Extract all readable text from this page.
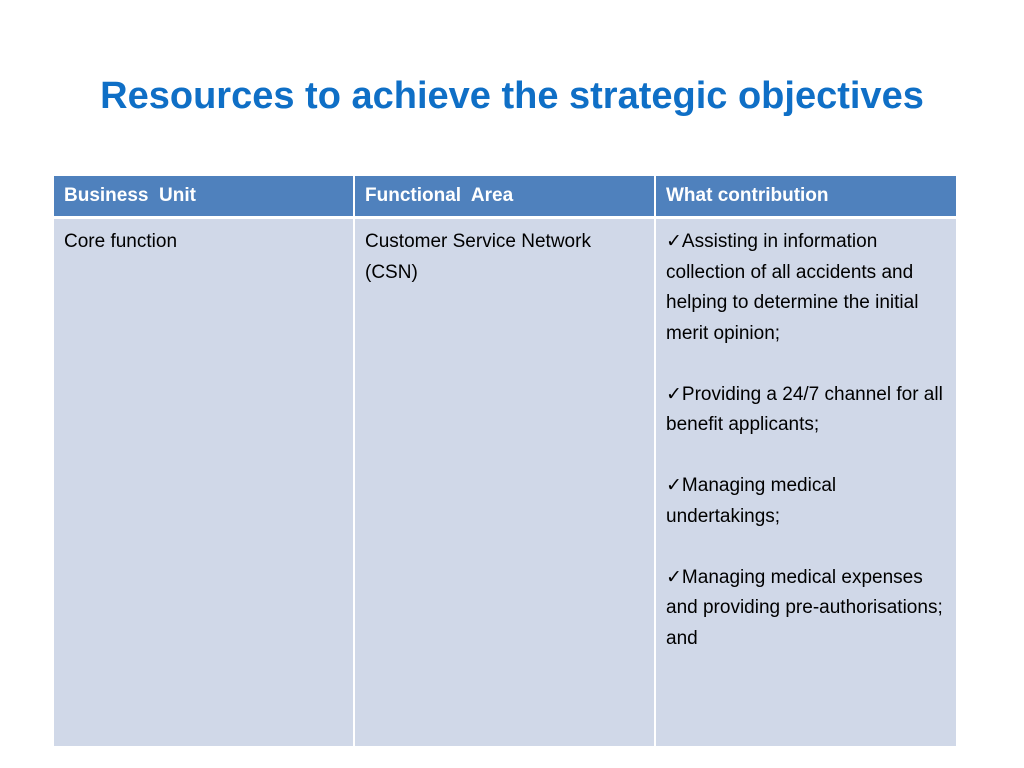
Resources to achieve the strategic objectives
Business  Unit	Functional  Area	What contribution
Core function	Customer Service Network (CSN)	✓Assisting in information collection of all accidents and helping to determine the initial merit opinion;
✓Providing a 24/7 channel for all benefit applicants;
✓Managing medical undertakings;
✓Managing medical expenses and providing pre-authorisations; and
